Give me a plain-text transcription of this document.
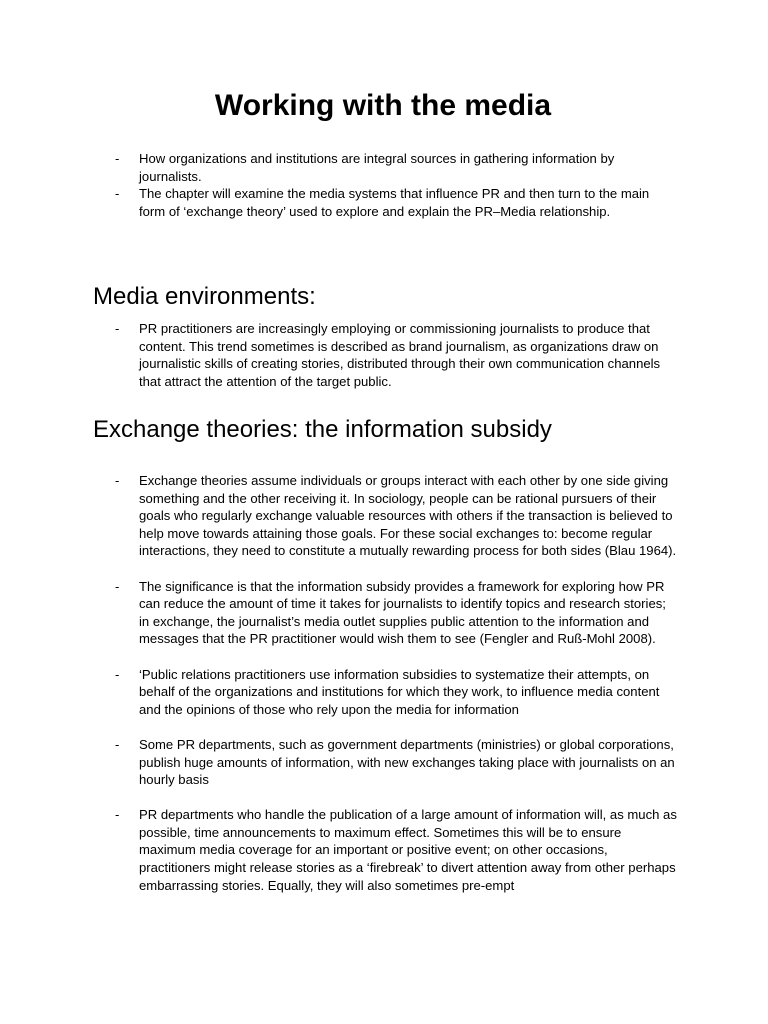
Working with the media
- How organizations and institutions are integral sources in gathering information by journalists.
- The chapter will examine the media systems that influence PR and then turn to the main form of ‘exchange theory’ used to explore and explain the PR–Media relationship.
Media environments:
- PR practitioners are increasingly employing or commissioning journalists to produce that content. This trend sometimes is described as brand journalism, as organizations draw on journalistic skills of creating stories, distributed through their own communication channels that attract the attention of the target public.
Exchange theories: the information subsidy
- Exchange theories assume individuals or groups interact with each other by one side giving something and the other receiving it. In sociology, people can be rational pursuers of their goals who regularly exchange valuable resources with others if the transaction is believed to help move towards attaining those goals. For these social exchanges to: become regular interactions, they need to constitute a mutually rewarding process for both sides (Blau 1964).
- The significance is that the information subsidy provides a framework for exploring how PR can reduce the amount of time it takes for journalists to identify topics and research stories; in exchange, the journalist’s media outlet supplies public attention to the information and messages that the PR practitioner would wish them to see (Fengler and Ruß-Mohl 2008).
- ‘Public relations practitioners use information subsidies to systematize their attempts, on behalf of the organizations and institutions for which they work, to influence media content and the opinions of those who rely upon the media for information
- Some PR departments, such as government departments (ministries) or global corporations, publish huge amounts of information, with new exchanges taking place with journalists on an hourly basis
- PR departments who handle the publication of a large amount of information will, as much as possible, time announcements to maximum effect. Sometimes this will be to ensure maximum media coverage for an important or positive event; on other occasions, practitioners might release stories as a ‘firebreak’ to divert attention away from other perhaps embarrassing stories. Equally, they will also sometimes pre-empt
